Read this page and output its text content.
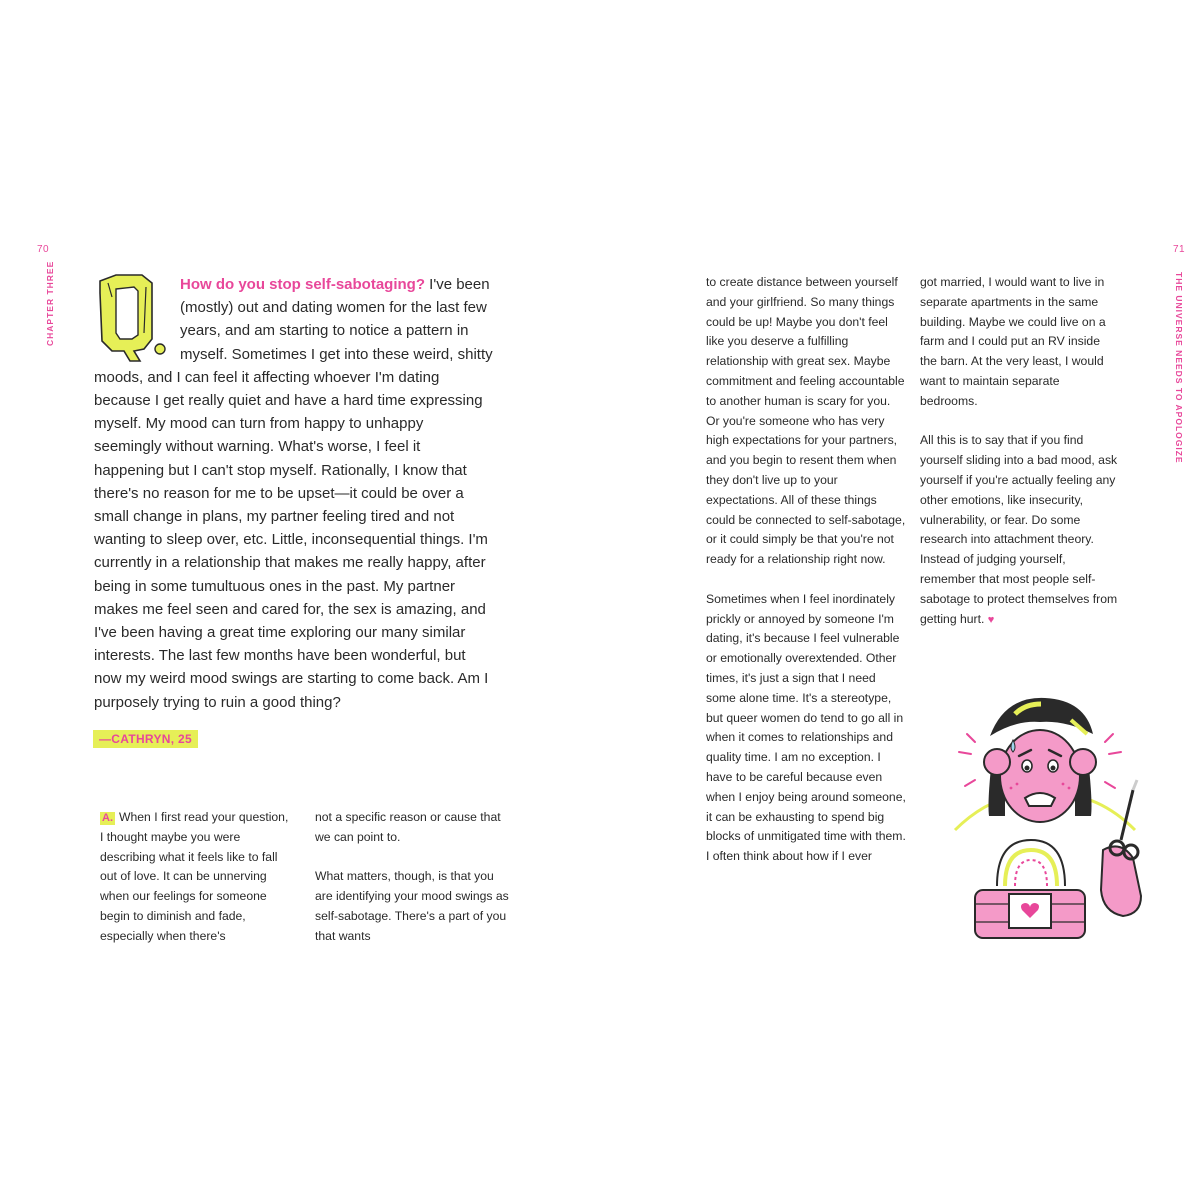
70
CHAPTER THREE	How do you stop self-sabotaging? I've been (mostly) out and dating women for the last few years, and am starting to notice a pattern in myself. Sometimes I get into these weird, shitty moods, and I can feel it affecting whoever I'm dating because I get really quiet and have a hard time expressing myself. My mood can turn from happy to unhappy seemingly without warning. What's worse, I feel it happening but I can't stop myself. Rationally, I know that there's no reason for me to be upset—it could be over a small change in plans, my partner feeling tired and not wanting to sleep over, etc. Little, inconsequential things. I'm currently in a relationship that makes me really happy, after being in some tumultuous ones in the past. My partner makes me feel seen and cared for, the sex is amazing, and I've been having a great time exploring our many similar interests. The last few months have been wonderful, but now my weird mood swings are starting to come back. Am I purposely trying to ruin a good thing?
—CATHRYN, 25
A. When I first read your question, I thought maybe you were describing what it feels like to fall out of love. It can be unnerving when our feelings for someone begin to diminish and fade, especially when there's

not a specific reason or cause that we can point to.

What matters, though, is that you are identifying your mood swings as self-sabotage. There's a part of you that wants

71
THE UNIVERSE NEEDS TO APOLOGIZE

to create distance between yourself and your girlfriend. So many things could be up! Maybe you don't feel like you deserve a fulfilling relationship with great sex. Maybe commitment and feeling accountable to another human is scary for you. Or you're someone who has very high expectations for your partners, and you begin to resent them when they don't live up to your expectations. All of these things could be connected to self-sabotage, or it could simply be that you're not ready for a relationship right now.

Sometimes when I feel inordinately prickly or annoyed by someone I'm dating, it's because I feel vulnerable or emotionally overextended. Other times, it's just a sign that I need some alone time. It's a stereotype, but queer women do tend to go all in when it comes to relationships and quality time. I am no exception. I have to be careful because even when I enjoy being around someone, it can be exhausting to spend big blocks of unmitigated time with them. I often think about how if I ever

got married, I would want to live in separate apartments in the same building. Maybe we could live on a farm and I could put an RV inside the barn. At the very least, I would want to maintain separate bedrooms.

All this is to say that if you find yourself sliding into a bad mood, ask yourself if you're actually feeling any other emotions, like insecurity, vulnerability, or fear. Do some research into attachment theory. Instead of judging yourself, remember that most people self-sabotage to protect themselves from getting hurt. ♥
